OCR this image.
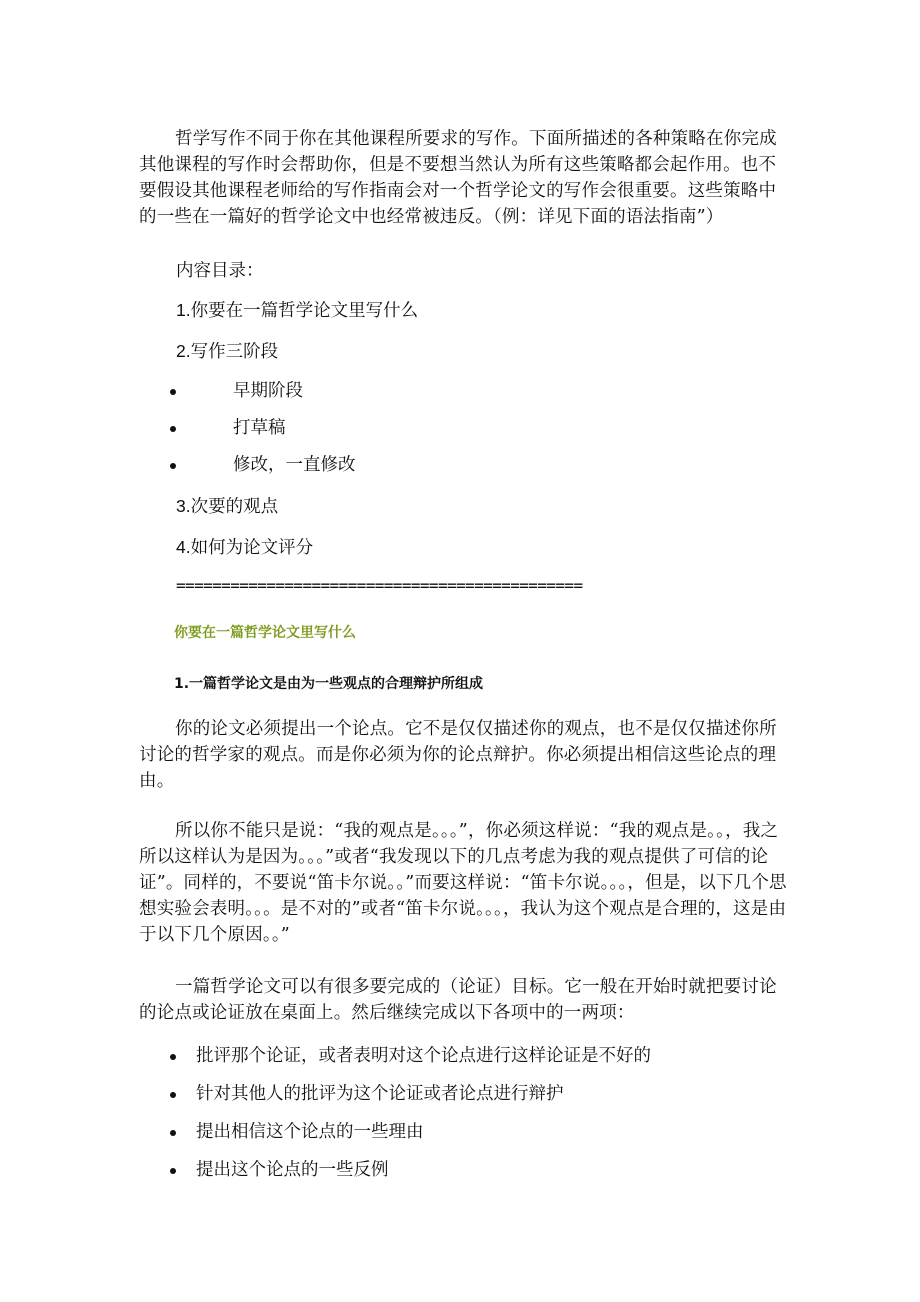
哲学写作不同于你在其他课程所要求的写作。下面所描述的各种策略在你完成其他课程的写作时会帮助你，但是不要想当然认为所有这些策略都会起作用。也不要假设其他课程老师给的写作指南会对一个哲学论文的写作会很重要。这些策略中的一些在一篇好的哲学论文中也经常被违反。（例：详见下面的语法指南”）

内容目录：
1.你要在一篇哲学论文里写什么
2.写作三阶段
早期阶段
打草稿
修改，一直修改
3.次要的观点
4.如何为论文评分
=============================================
你要在一篇哲学论文里写什么
1.一篇哲学论文是由为一些观点的合理辩护所组成

你的论文必须提出一个论点。它不是仅仅描述你的观点，也不是仅仅描述你所讨论的哲学家的观点。而是你必须为你的论点辩护。你必须提出相信这些论点的理由。

所以你不能只是说：“我的观点是。。。”，你必须这样说：“我的观点是。。，我之所以这样认为是因为。。。”或者“我发现以下的几点考虑为我的观点提供了可信的论证”。同样的，不要说“笛卡尔说。。”而要这样说：“笛卡尔说。。。，但是，以下几个思想实验会表明。。。是不对的”或者“笛卡尔说。。。，我认为这个观点是合理的，这是由于以下几个原因。。”

一篇哲学论文可以有很多要完成的（论证）目标。它一般在开始时就把要讨论的论点或论证放在桌面上。然后继续完成以下各项中的一两项：

批评那个论证，或者表明对这个论点进行这样论证是不好的
针对其他人的批评为这个论证或者论点进行辩护
提出相信这个论点的一些理由
提出这个论点的一些反例
